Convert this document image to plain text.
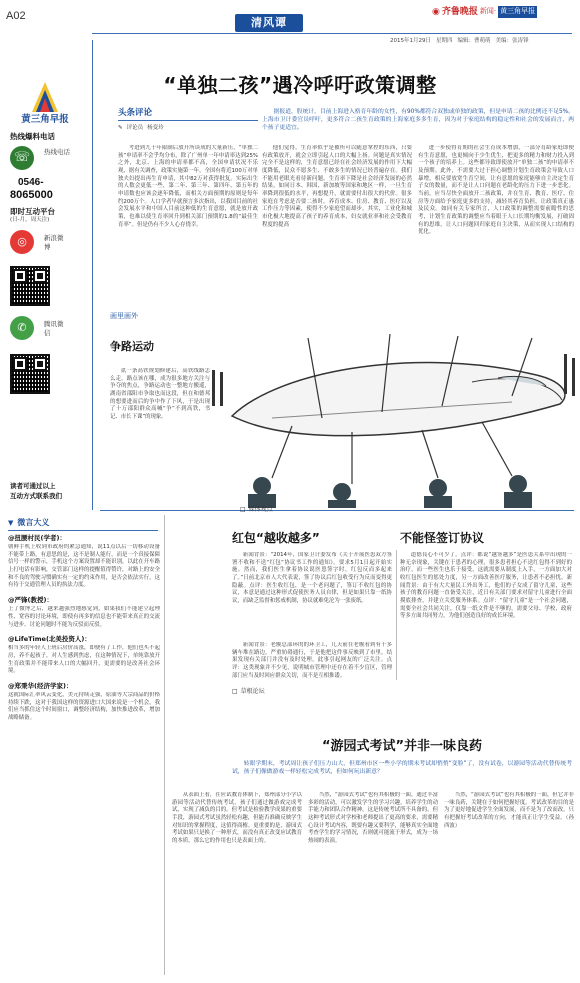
A02	清风谭
◉ 齐鲁晚报 新闻· 黄三角早报
2015年1月29日 星期四 编辑：曹萌萌 美编：张涛锋
黄三角早报
热线爆料电话
☏	热线电话
0546-
8065000
即时互动平台
(日-月，周天注)
◎	新浪微博
✆	腾讯微信
读者可通过以上
互动方式联系我们
“单独二孩”遇冷呼吁政策调整
头条评论
✎ 评论员 杨变玲

据报道，股统计，目前上海进入格育年龄的女性，有90%都符合双独或单独的政策，但是申请二孩的比例还不足5%。上海市卫计委官员呼吁，更多符合二孩生育政策的上海家庭多多生育，因为对于家庭结构的稳定性和社会的发展而言，两个孩子更适宜。

考进到九十年限制后放开所谈成的大量新压，“单独二孩”申请率不会乎均分布，除了广州单一年申请率达到25%之外，北京、上海的申请率都不高，全国申请状况不乐观，据有关调查，政策实施第一年，全国有将近100万对单独夫妇提出再生育申请，其中82万对获得批复。实际出生的人数会更低一些，第二年、第三年、第四年、第五年的申请数也应该会逐年降低，而相关方面预期的原则是每年约200万个。人口学者早就预言多次指出，以我国目前的社会发展水平和中国人目前这种低的生育意愿，就是放开政策，也难以使生育率回升到相关部门预期的1.8的“最佳生育率”。但是仍有不少人心存侥幸。

他们觉得，生育率似乎是被所可以随意掌控的东西，只要有政策放开，就会立即引起人口的大幅上扬。问题是真实情况完全不是这样的，生育意愿已经在社会经济发展的作用下大幅度降低，民众不愿多生、不敢多生的情况已经普遍存在。我们不能用老眼光看待新问题。生育率下降是社会经济发展的必然结果，如同日本、韩国、新加坡等国家和地区一样，一旦生育率降到很低的水平，再想提升，就需要付出很大的代价。很多家庭在考虑是否要二孩时，养育成本、住房、教育、医疗以及工作压力等因素，使得不少家庭望而却步。其实，工业化和城市化极大地提高了孩子的养育成本，妇女就业率和社会受教育程度的提高

进一步使得育期的社会生育成本增加，一部分育龄家庭即便有生育意愿，也更倾向于少生优生，把更多的精力和财力投入到一个孩子的培养上。这些都导致即使放开“单独二孩”的申请率不及预期。此外，不需要大过于担心调整计划生育政策会导致人口暴增，相反要放宽生育空间，让有意愿的家庭能够自主决定生育子女的数量，而不是让人口问题在老龄化的压力下进一步恶化。当前，应当尽快全面放开二孩政策，并在生育、教育、医疗、住房等方面给予家庭更多的支持，减轻其养育负担，让政策真正惠及民众。如同有关专家所言，人口政策的调整需要前瞻性的思考，计划生育政策的调整应当着眼于人口长期均衡发展，打破固有的思维，让人口问题回归家庭自主决策，从而实现人口结构的优化。

画里画外
争路运动

贰一条高铁规划修建后，高铁线路怎么走，路点该在哪，成为很多地方关注与争夺的焦点，争路运动也一整地方搬遥，湖南省邵阳市争取也而这段，但在和德邦的想要进而后的争中作了下风，于是出现了十万邵阳群众高喊“争”不到高铁，书记、市长下课”的现象。

▼ 微言大义
@扭腰村民(学者)：
朝鲜手机上收到市政府的紧急通知，说11点以后一切移动设备不能带上路，有意思的是，这不是制人能行，而是一个真接保障信号一样的警示，手机这个方案设置却不能识别，以此在开车路上打电话有影响，交管部门这样的提醒值得赞许，对路上的安全和不良的驾驶习惯确实有一定的约束作用，是否会依法实行，这有待于交通管理人员的执法力度。
@严锋(教授)：
上了微博之后，越来越强烈地感觉到，如果我们不能建立起理性、宽容的讨论环境，即使有再多的信息也不能带来真正的交流与进步。讨论问题时不能为反驳而反驳。
@LifeTime(北美投资人)：
相当多的年轻人上班后房价高涨，即便有了工作，他们也买不起房，养不起孩子，对人生感到焦虑，在这种情况下，单纯靠放开生育政策并不能带来人口的大幅回升，更需要的是改善社会环境。
@郑秉华(经济学家)：
这就国际汇率风云变化，美元持续走强，原油等大宗商品的价格持续下跌，这对于我国这样的资源进口大国来说是一个机会，我们应当抓住这个时间窗口，调整经济结构，加快推进改革，增加战略储备。
□ 媒体观点
红包“越收越多”	不能怪签订协议

新闻背景：“2014年，国家卫计委发布《关于开展医患双方签署不收和不送“红包”协议书工作的通知》，要求5月1日起开始实施。然而，我们医生拿着协议说医患签字时，红包反而多起来了。”日前北京市人大代表说，签了协议后红包收受行为反而变得更隐蔽。点评：医生收红包，是一个老问题了，签订不收红包的协议，本意是通过这种形式促使医务人员自律，但是如果只靠一纸协议，而缺乏监督和惩戒机制，协议就难免沦为一张废纸。

新闻背景：老舰总部环的的环卫工，几天前在老舰看到有十多辆车堆在路边，严重妨碍通行，于是他把这件事反映到了市里，结果发现有关部门并没有及时处理，此事引起网友的广泛关注。点评：这类现象并不少见，说明城市管理中还存在着不少盲区，管理部门应当及时回应群众关切，而不是互相推诿。

道德良心不可少了。点评：都说“越签越多”是医患关系中出现的一种无奈现象，关键在于患者的心理，很多患者担心不送红包得不到好的治疗，而一些医生也乐于接受，这就需要从制度上入手，一方面加大对收红包医生的惩处力度，另一方面改善医疗服务，让患者不必担忧。新闻背景：由于有大大量民工外出务工，他们的子女成了留守儿童，这些孩子的教育问题一直备受关注，近日有关部门要求对留守儿童进行全面摸底排查，并建立关爱服务体系。点评：“留守儿童”是一个社会问题，需要全社会共同关注，仅靠一纸文件是不够的，需要父母、学校、政府等多方面共同努力，为他们创造良好的成长环境。

□ 草根论坛
“游园式考试”并非一味良药

转眼学期末，考试周让孩子们压力山大，但郑州市区一些小学的期末考试却悄悄“变脸”了，没有试卷，以游园等活动代替传统考试，孩子们像做游戏一样轻松完成考试，但如何玩出新意？

从表面上看，在应试教育体制下，郑州部分小学以游园等活动代替传统考试，孩子们通过做游戏完成考试，实现了减负的目的。但考试是检验教学成果的重要手段，游园式考试虽然轻松有趣，但能否准确反映学生对知识的掌握程度，这值得商榷。更重要的是，游园式考试如果只是换了一种形式，而没有真正改变应试教育的本质，那么它的作用也只是表面上的。

当然，“游园式考试”也有其积极的一面，通过丰富多彩的活动，可以激发学生的学习兴趣，培养学生的动手能力和团队合作精神，这是传统考试所不具备的。但这种考试形式对学校和老师提出了更高的要求，需要精心设计考试内容，既要有趣又要科学，能够真实全面地考查学生的学习情况，否则就可能流于形式，成为一场热闹的表演。

当然，“游园式考试”也有其积极的一面，但它并非一味良药，关键在于如何把握好度。考试改革的目的是为了更好地促进学生全面发展，而不是为了改而改。只有把握好考试改革的方向，才能真正让学生受益。（孙西波）
